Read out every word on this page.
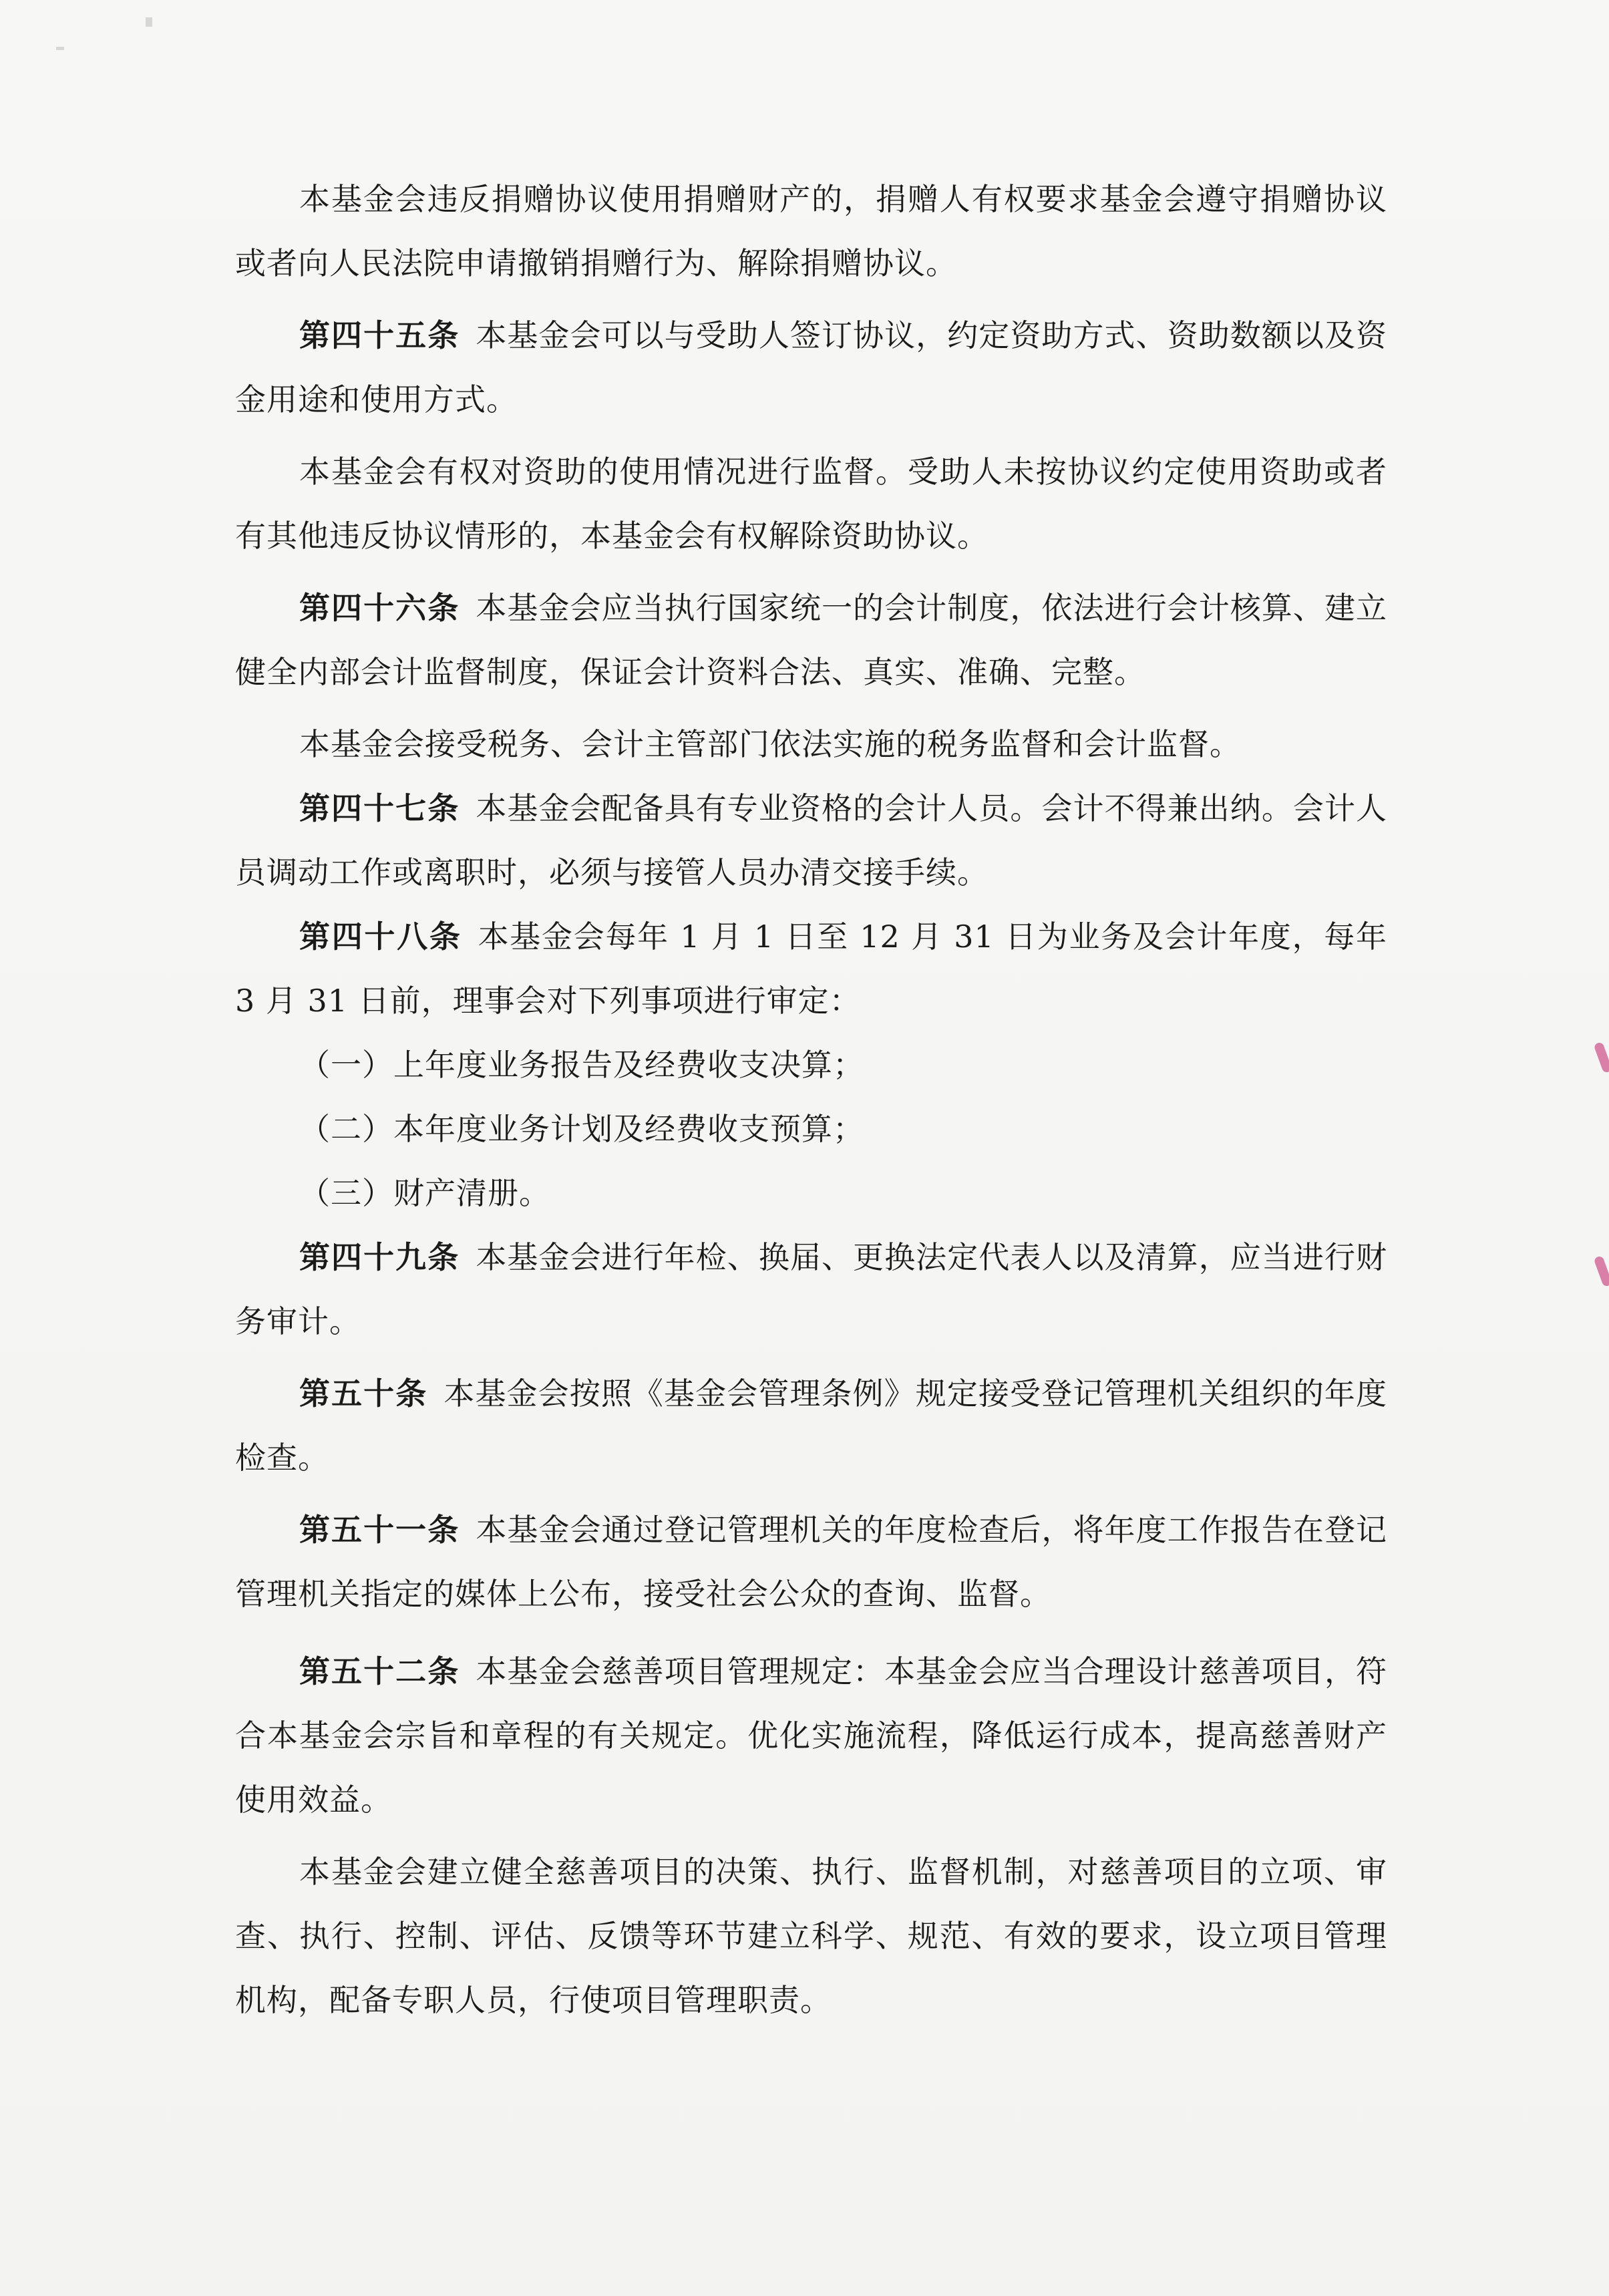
本基金会违反捐赠协议使用捐赠财产的，捐赠人有权要求基金会遵守捐赠协议或者向人民法院申请撤销捐赠行为、解除捐赠协议。

第四十五条 本基金会可以与受助人签订协议，约定资助方式、资助数额以及资金用途和使用方式。

本基金会有权对资助的使用情况进行监督。受助人未按协议约定使用资助或者有其他违反协议情形的，本基金会有权解除资助协议。

第四十六条 本基金会应当执行国家统一的会计制度，依法进行会计核算、建立健全内部会计监督制度，保证会计资料合法、真实、准确、完整。

本基金会接受税务、会计主管部门依法实施的税务监督和会计监督。

第四十七条 本基金会配备具有专业资格的会计人员。会计不得兼出纳。会计人员调动工作或离职时，必须与接管人员办清交接手续。

第四十八条 本基金会每年 1 月 1 日至 12 月 31 日为业务及会计年度，每年 3 月 31 日前，理事会对下列事项进行审定：

（一）上年度业务报告及经费收支决算；

（二）本年度业务计划及经费收支预算；

（三）财产清册。

第四十九条 本基金会进行年检、换届、更换法定代表人以及清算，应当进行财务审计。

第五十条 本基金会按照《基金会管理条例》规定接受登记管理机关组织的年度检查。

第五十一条 本基金会通过登记管理机关的年度检查后，将年度工作报告在登记管理机关指定的媒体上公布，接受社会公众的查询、监督。

第五十二条 本基金会慈善项目管理规定：本基金会应当合理设计慈善项目，符合本基金会宗旨和章程的有关规定。优化实施流程，降低运行成本，提高慈善财产使用效益。

本基金会建立健全慈善项目的决策、执行、监督机制，对慈善项目的立项、审查、执行、控制、评估、反馈等环节建立科学、规范、有效的要求，设立项目管理机构，配备专职人员，行使项目管理职责。
